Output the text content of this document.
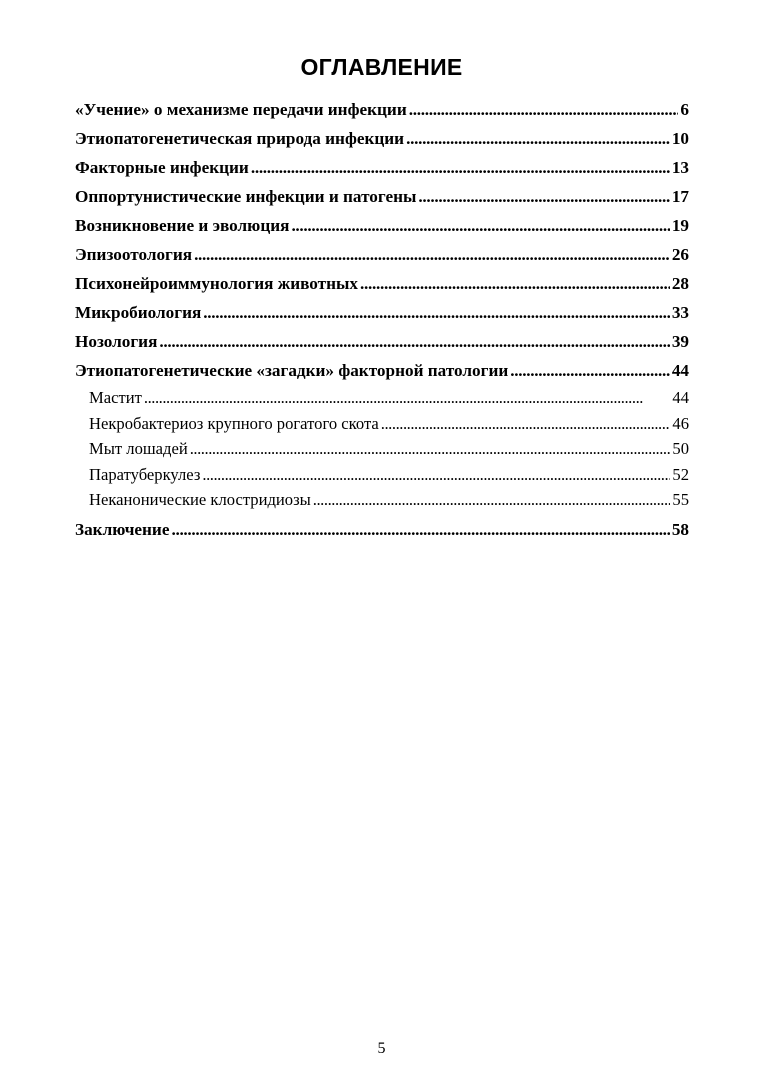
ОГЛАВЛЕНИЕ
«Учение» о механизме передачи инфекции . . .	6
Этиопатогенетическая природа инфекции . . .	10
Факторные инфекции . . .	13
Оппортунистические инфекции и патогены . . .	17
Возникновение и эволюция . . .	19
Эпизоотология . . .	26
Психонейроиммунология животных . . .	28
Микробиология . . .	33
Нозология . . .	39
Этиопатогенетические «загадки» факторной патологии . . .	44
Мастит . . .	44
Некробактериоз крупного рогатого скота . . .	46
Мыт лошадей . . .	50
Паратуберкулез . . .	52
Неканонические клостридиозы . . .	55
Заключение . . .	58
5
